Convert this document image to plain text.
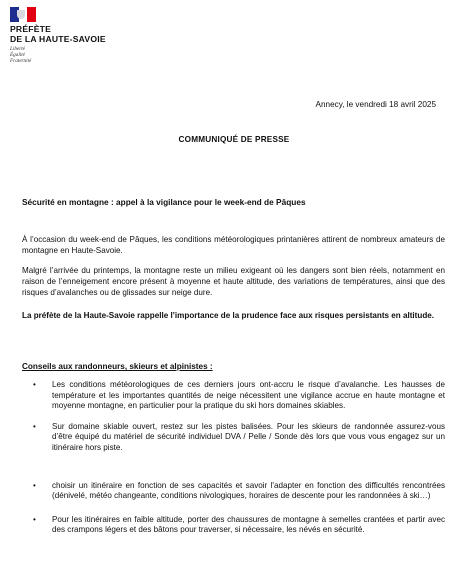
PRÉFÈTE
DE LA HAUTE-SAVOIE
Liberté
Égalité
Fraternité
Annecy, le vendredi 18 avril 2025
COMMUNIQUÉ DE PRESSE
Sécurité en montagne : appel à la vigilance pour le week-end de Pâques
À l’occasion du week-end de Pâques, les conditions météorologiques printanières attirent de nombreux amateurs de montagne en Haute-Savoie.
Malgré l’arrivée du printemps, la montagne reste un milieu exigeant où les dangers sont bien réels, notamment en raison de l’enneigement encore présent à moyenne et haute altitude, des variations de températures, ainsi que des risques d’avalanches ou de glissades sur neige dure.
La préfète de la Haute-Savoie rappelle l’importance de la prudence face aux risques persistants en altitude.
Conseils aux randonneurs, skieurs et alpinistes :
• Les conditions météorologiques de ces derniers jours ont-accru le risque d’avalanche. Les hausses de température et les importantes quantités de neige nécessitent une vigilance accrue en haute montagne et moyenne montagne, en particulier pour la pratique du ski hors domaines skiables.
• Sur domaine skiable ouvert, restez sur les pistes balisées. Pour les skieurs de randonnée assurez-vous d’être équipé du matériel de sécurité individuel DVA / Pelle / Sonde dès lors que vous vous engagez sur un itinéraire hors piste.
• choisir un itinéraire en fonction de ses capacités et savoir l'adapter en fonction des difficultés rencontrées (dénivelé, météo changeante, conditions nivologiques, horaires de descente pour les randonnées à ski…)
• Pour les itinéraires en faible altitude, porter des chaussures de montagne à semelles crantées et partir avec des crampons légers et des bâtons pour traverser, si nécessaire, les névés en sécurité.
